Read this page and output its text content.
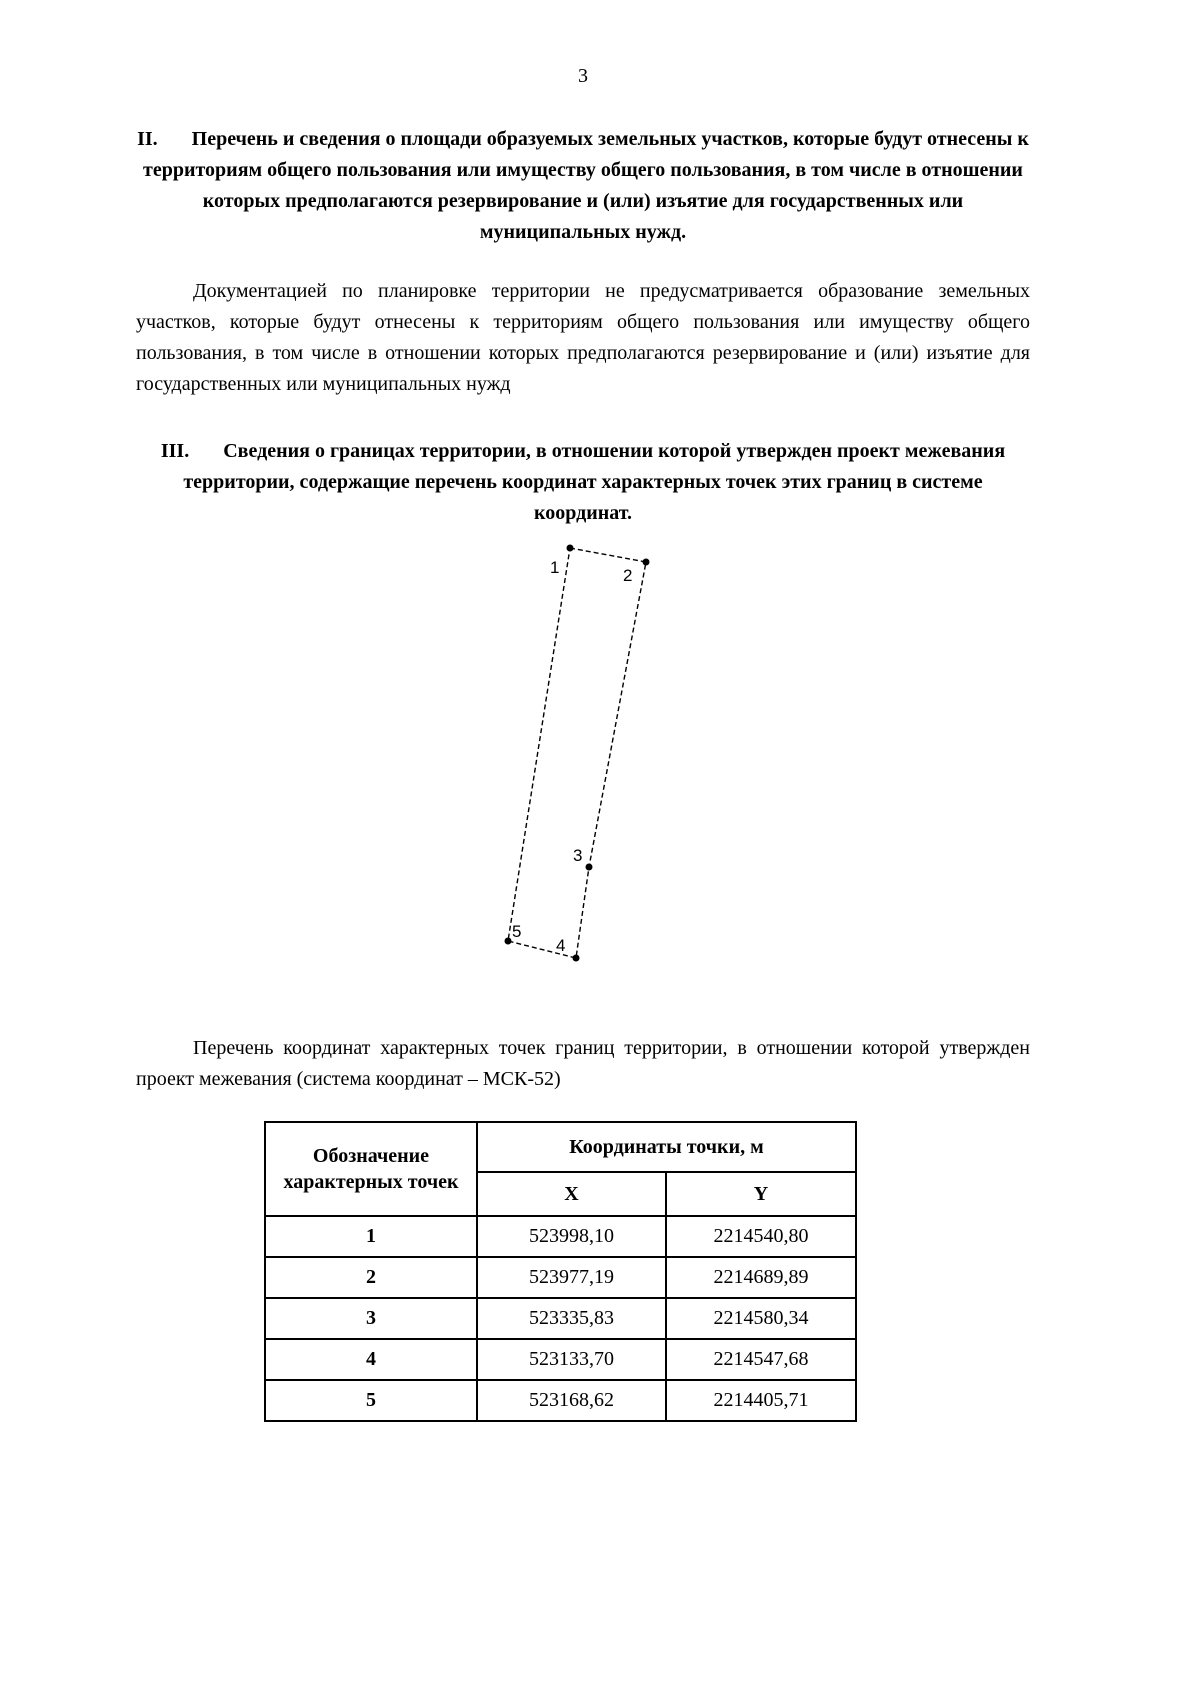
3
II. Перечень и сведения о площади образуемых земельных участков, которые будут отнесены к территориям общего пользования или имуществу общего пользования, в том числе в отношении которых предполагаются резервирование и (или) изъятие для государственных или муниципальных нужд.
Документацией по планировке территории не предусматривается образование земельных участков, которые будут отнесены к территориям общего пользования или имуществу общего пользования, в том числе в отношении которых предполагаются резервирование и (или) изъятие для государственных или муниципальных нужд
III. Сведения о границах территории, в отношении которой утвержден проект межевания территории, содержащие перечень координат характерных точек этих границ в системе координат.
1	2
3
4
5
Перечень координат характерных точек границ территории, в отношении которой утвержден проект межевания (система координат – МСК-52)
Обозначение характерных точек	Координаты точки, м	
	X	Y
1	523998,10	2214540,80
2	523977,19	2214689,89
3	523335,83	2214580,34
4	523133,70	2214547,68
5	523168,62	2214405,71
